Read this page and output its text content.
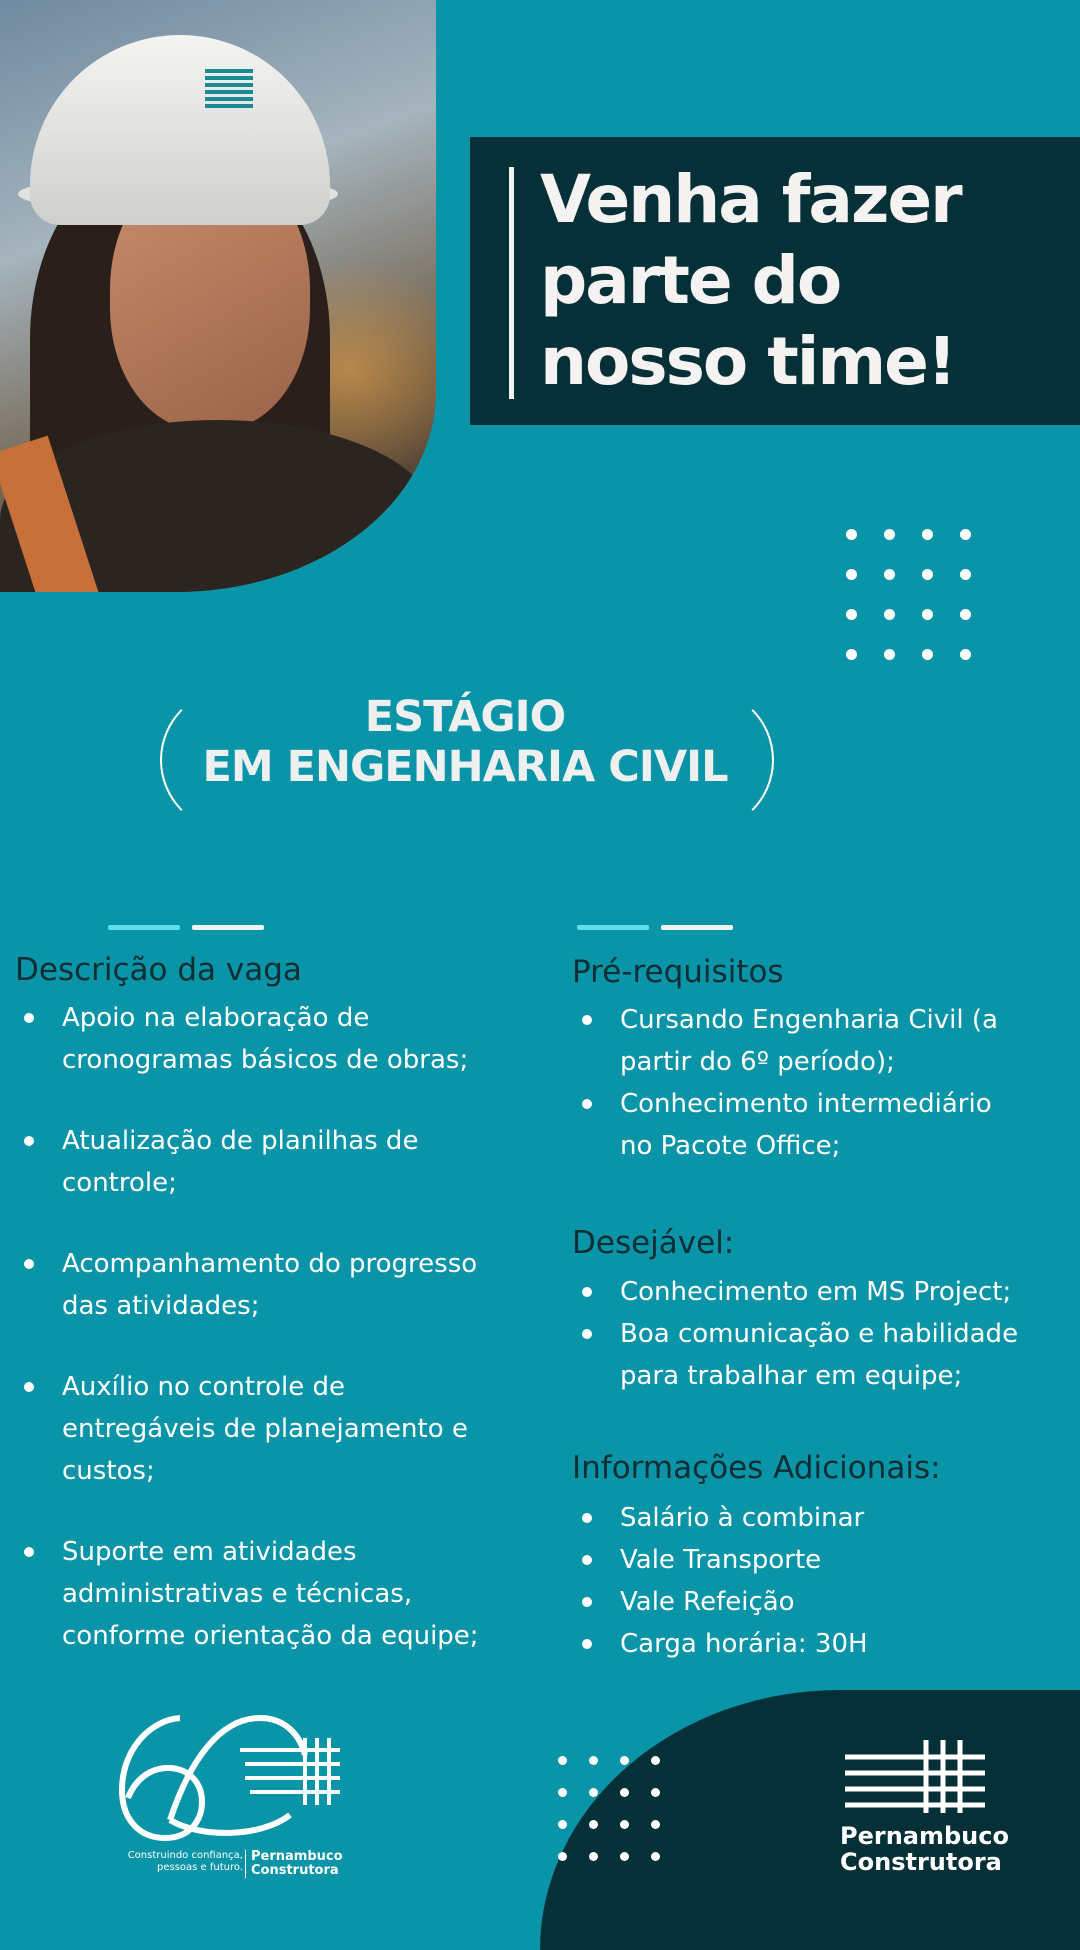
Venha fazer
parte do
nosso time!
ESTÁGIO
EM ENGENHARIA CIVIL
Descrição da vaga
Apoio na elaboração de
cronogramas básicos de obras;
Atualização de planilhas de
controle;
Acompanhamento do progresso
das atividades;
Auxílio no controle de
entregáveis de planejamento e
custos;
Suporte em atividades
administrativas e técnicas,
conforme orientação da equipe;
Pré-requisitos
Cursando Engenharia Civil (a
partir do 6º período);
Conhecimento intermediário
no Pacote Office;
Desejável:
Conhecimento em MS Project;
Boa comunicação e habilidade
para trabalhar em equipe;
Informações Adicionais:
Salário à combinar
Vale Transporte
Vale Refeição
Carga horária: 30H
Construindo confiança,
pessoas e futuro.
Pernambuco
Construtora
Pernambuco
Construtora
